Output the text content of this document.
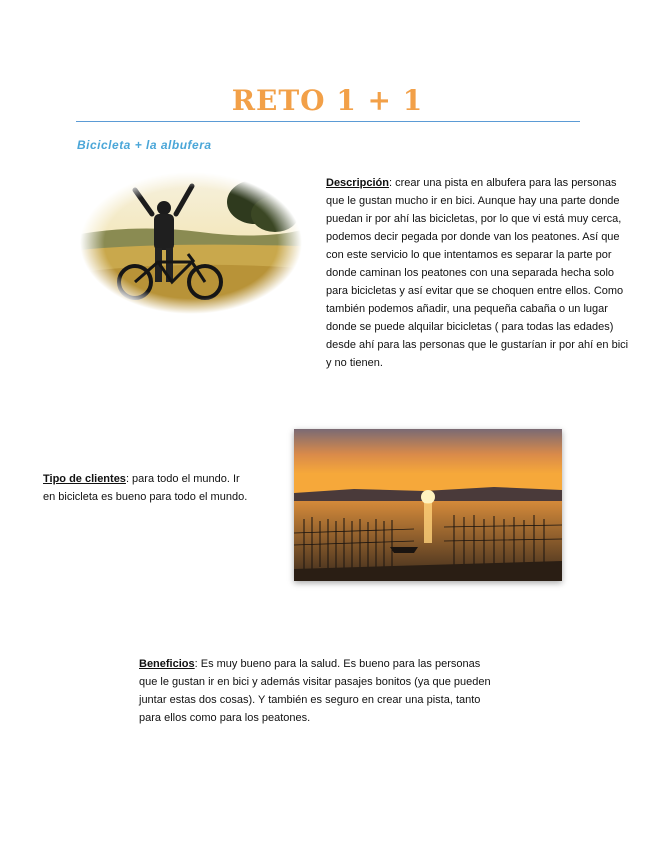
RETO 1 + 1
Bicicleta + la albufera
Descripción: crear una pista en albufera para las personas que le gustan mucho ir en bici. Aunque hay una parte donde puedan ir por ahí las bicicletas, por lo que vi está muy cerca, podemos decir pegada por donde van los peatones. Así que con este servicio lo que intentamos es separar la parte por donde caminan los peatones con una separada hecha solo para bicicletas y así evitar que se choquen entre ellos. Como también podemos añadir, una pequeña cabaña o un lugar donde se puede alquilar bicicletas ( para todas las edades) desde ahí para las personas que le gustarían ir por ahí en bici y no tienen.
Tipo de clientes: para todo el mundo. Ir en bicicleta es bueno para todo el mundo.
Beneficios: Es muy bueno para la salud. Es bueno para las personas que le gustan ir en bici y además visitar pasajes bonitos (ya que pueden juntar estas dos cosas). Y también es seguro en crear una pista, tanto para ellos como para los peatones.
